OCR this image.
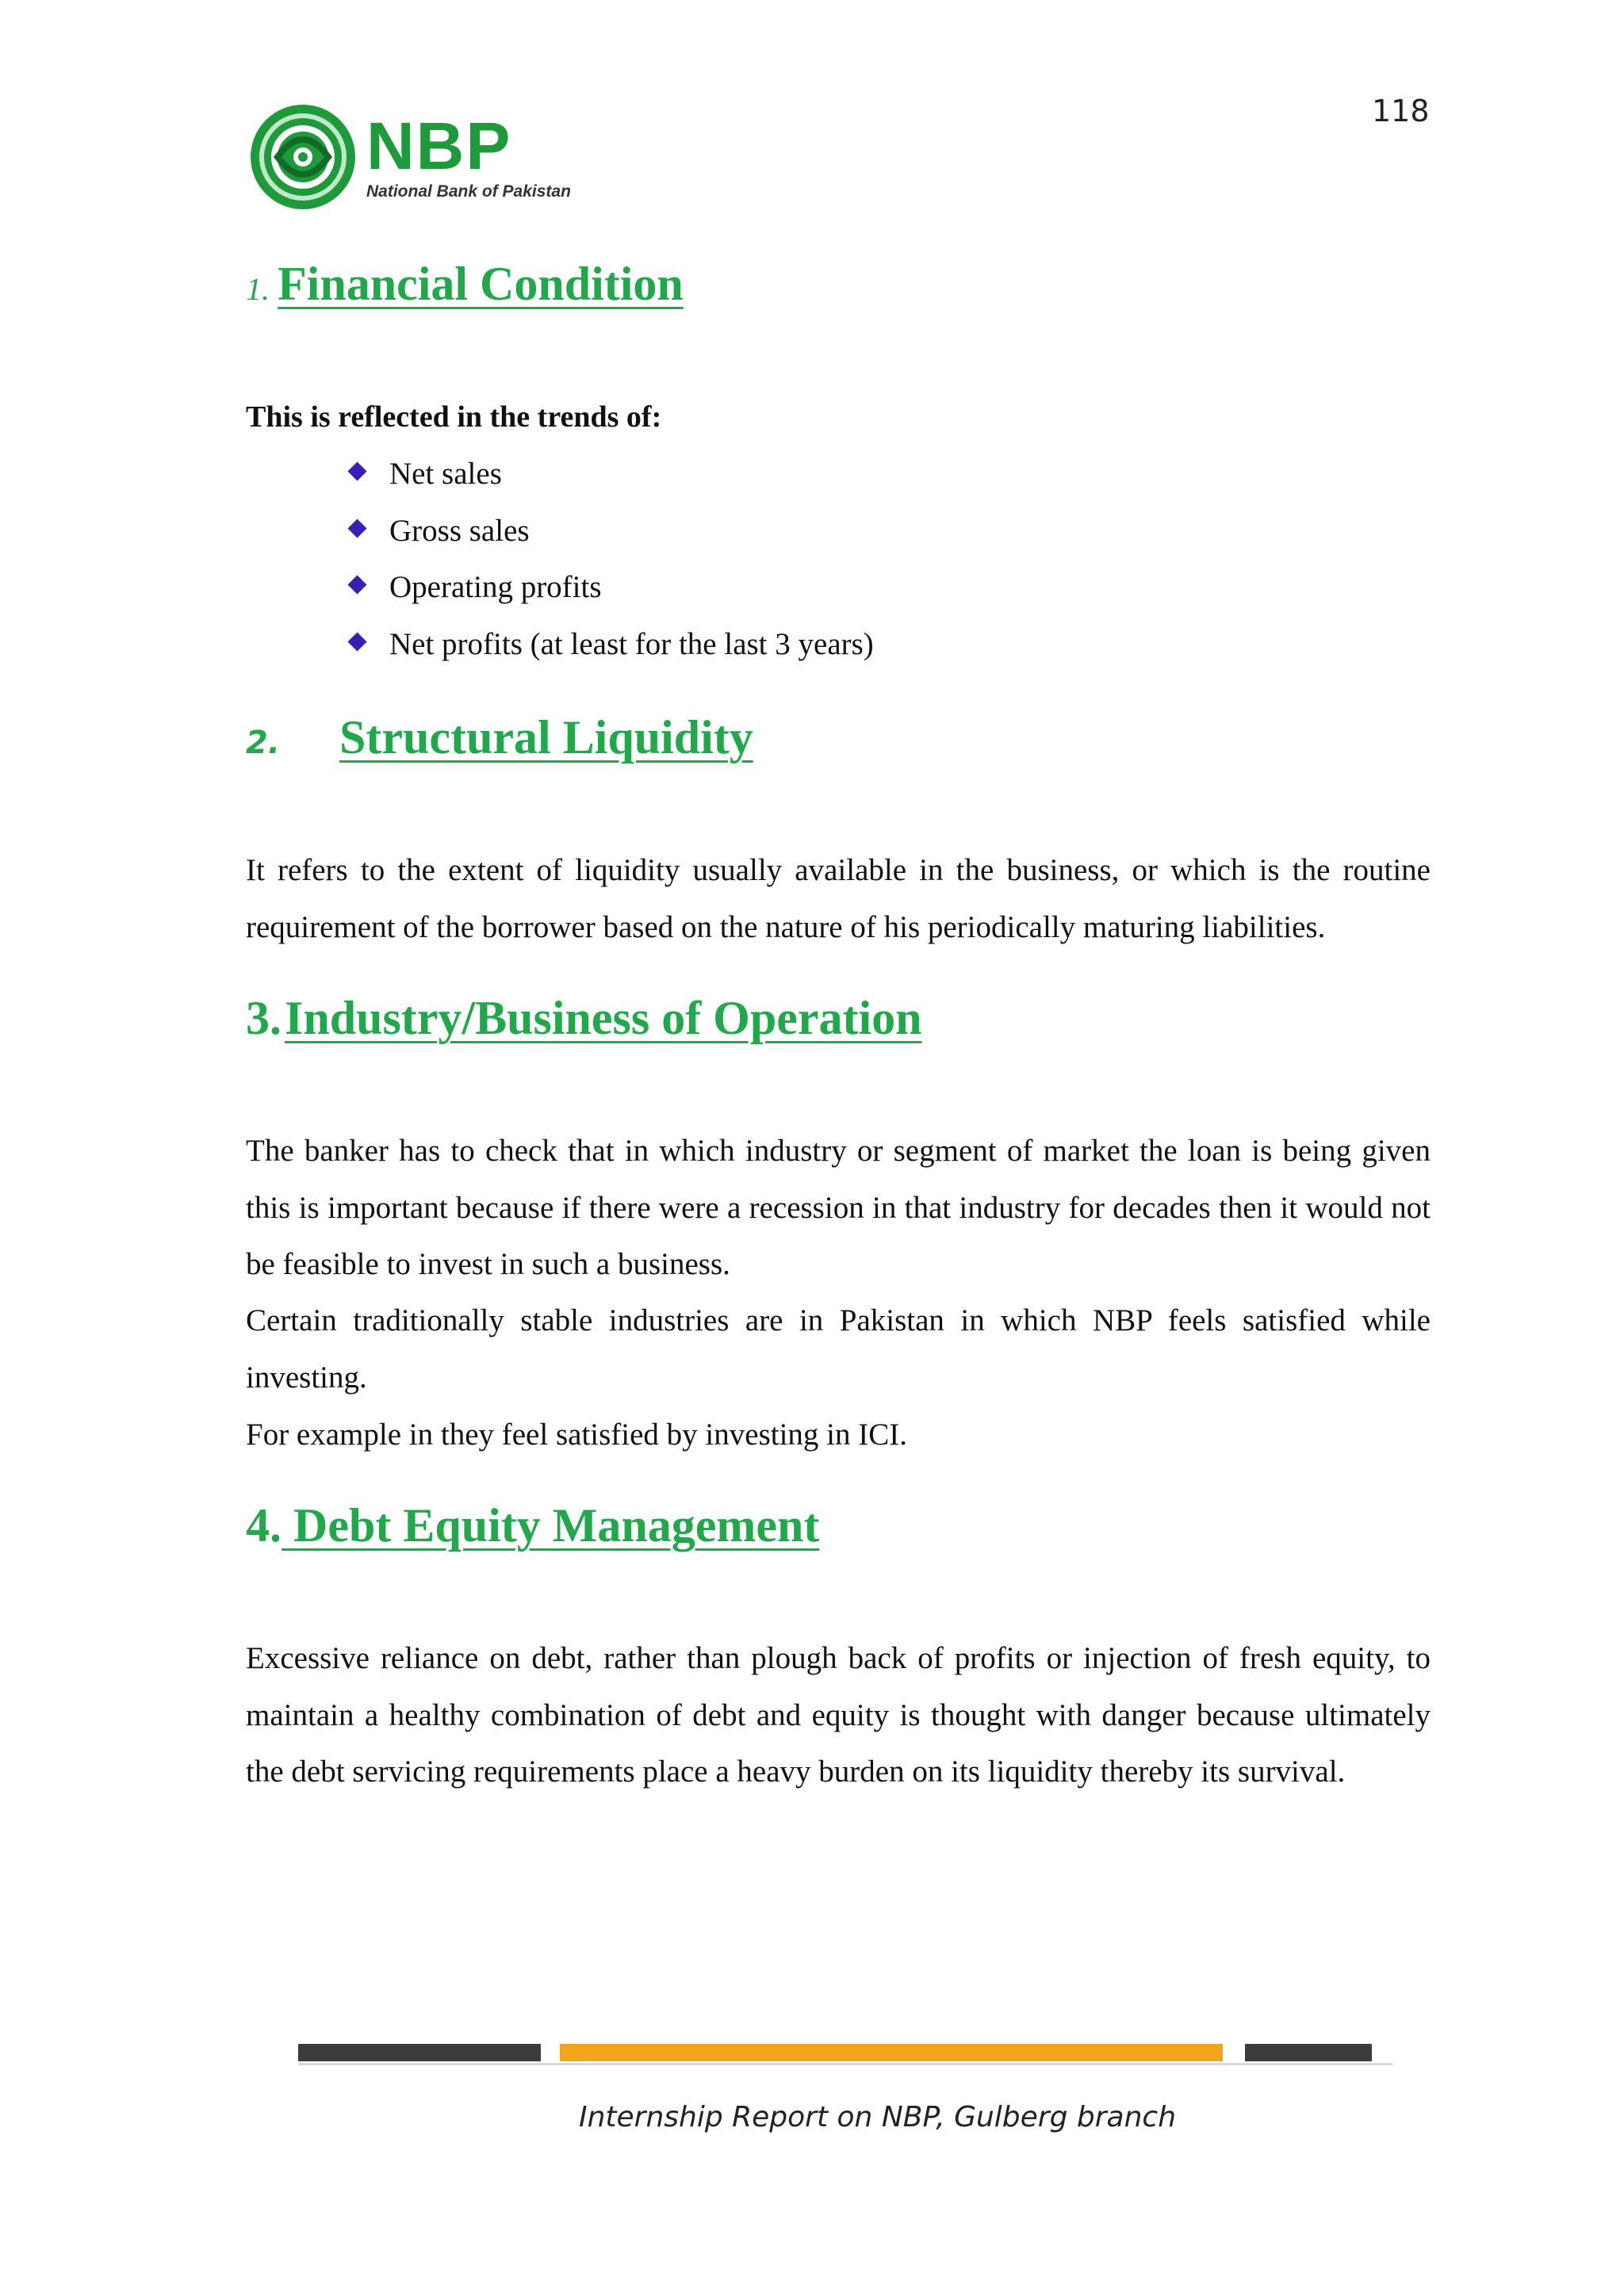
118
NBP
National Bank of Pakistan
1. Financial Condition

This is reflected in the trends of:

Net sales
Gross sales
Operating profits
Net profits (at least for the last 3 years)
2. Structural Liquidity

It refers to the extent of liquidity usually available in the business, or which is the routine requirement of the borrower based on the nature of his periodically maturing liabilities.

3.Industry/Business of Operation

The banker has to check that in which industry or segment of market the loan is being given this is important because if there were a recession in that industry for decades then it would not be feasible to invest in such a business.

Certain traditionally stable industries are in Pakistan in which NBP feels satisfied while investing.

For example in they feel satisfied by investing in ICI.

4. Debt Equity Management

Excessive reliance on debt, rather than plough back of profits or injection of fresh equity, to maintain a healthy combination of debt and equity is thought with danger because ultimately the debt servicing requirements place a heavy burden on its liquidity thereby its survival.

Internship Report on NBP, Gulberg branch
